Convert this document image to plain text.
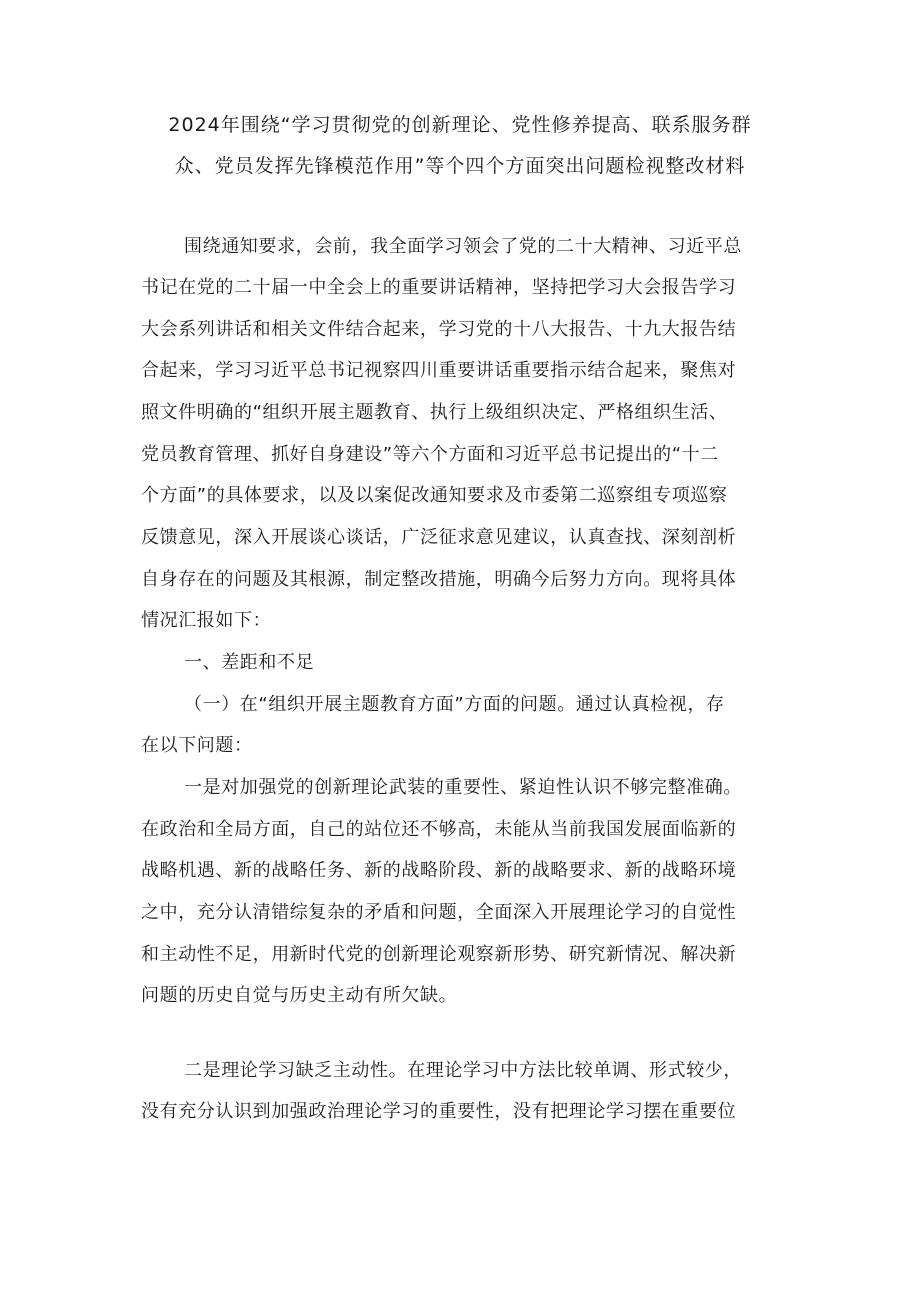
2024年围绕“学习贯彻党的创新理论、党性修养提高、联系服务群
众、党员发挥先锋模范作用”等个四个方面突出问题检视整改材料

围绕通知要求，会前，我全面学习领会了党的二十大精神、习近平总

书记在党的二十届一中全会上的重要讲话精神，坚持把学习大会报告学习

大会系列讲话和相关文件结合起来，学习党的十八大报告、十九大报告结

合起来，学习习近平总书记视察四川重要讲话重要指示结合起来，聚焦对

照文件明确的“组织开展主题教育、执行上级组织决定、严格组织生活、

党员教育管理、抓好自身建设”等六个方面和习近平总书记提出的“十二

个方面”的具体要求，以及以案促改通知要求及市委第二巡察组专项巡察

反馈意见，深入开展谈心谈话，广泛征求意见建议，认真查找、深刻剖析

自身存在的问题及其根源，制定整改措施，明确今后努力方向。现将具体

情况汇报如下：

一、差距和不足

（一）在“组织开展主题教育方面”方面的问题。通过认真检视，存

在以下问题：

一是对加强党的创新理论武装的重要性、紧迫性认识不够完整准确。

在政治和全局方面，自己的站位还不够高，未能从当前我国发展面临新的

战略机遇、新的战略任务、新的战略阶段、新的战略要求、新的战略环境

之中，充分认清错综复杂的矛盾和问题，全面深入开展理论学习的自觉性

和主动性不足，用新时代党的创新理论观察新形势、研究新情况、解决新

问题的历史自觉与历史主动有所欠缺。

二是理论学习缺乏主动性。在理论学习中方法比较单调、形式较少，

没有充分认识到加强政治理论学习的重要性，没有把理论学习摆在重要位
